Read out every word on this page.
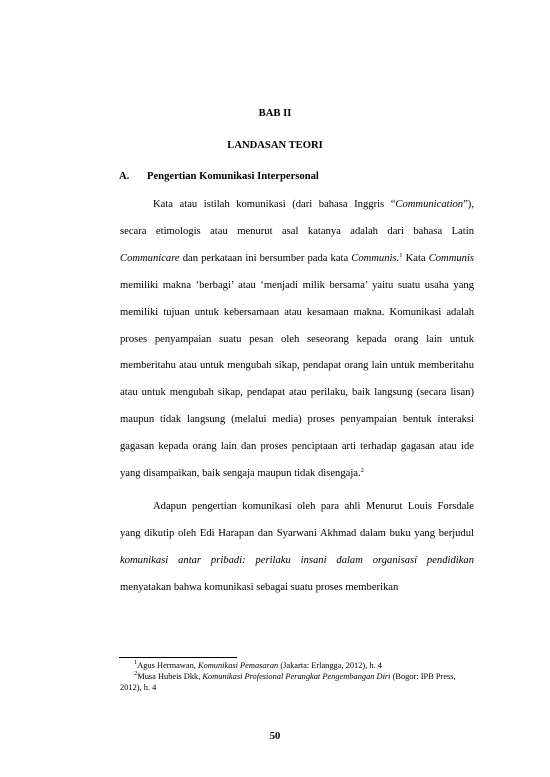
BAB II

LANDASAN TEORI

A. Pengertian Komunikasi Interpersonal

Kata atau istilah komunikasi (dari bahasa Inggris “Communication”), secara etimologis atau menurut asal katanya adalah dari bahasa Latin Communicare dan perkataan ini bersumber pada kata Communis.$^1$ Kata Communis memiliki makna ‘berbagi’ atau ‘menjadi milik bersama’ yaitu suatu usaha yang memiliki tujuan untuk kebersamaan atau kesamaan makna. Komunikasi adalah proses penyampaian suatu pesan oleh seseorang kepada orang lain untuk memberitahu atau untuk mengubah sikap, pendapat orang lain untuk memberitahu atau untuk mengubah sikap, pendapat atau perilaku, baik langsung (secara lisan) maupun tidak langsung (melalui media) proses penyampaian bentuk interaksi gagasan kepada orang lain dan proses penciptaan arti terhadap gagasan atau ide yang disampaikan, baik sengaja maupun tidak disengaja.$^2$

Adapun pengertian komunikasi oleh para ahli Menurut Louis Forsdale yang dikutip oleh Edi Harapan dan Syarwani Akhmad dalam buku yang berjudul komunikasi antar pribadi: perilaku insani dalam organisasi pendidikan menyatakan bahwa komunikasi sebagai suatu proses memberikan

$^1$Agus Hermawan, Komunikasi Pemasaran (Jakarta: Erlangga, 2012), h. 4

$^2$Musa Hubeis Dkk, Komunikasi Profesional Perangkat Pengembangan Diri (Bogor: IPB Press, 2012), h. 4

50
